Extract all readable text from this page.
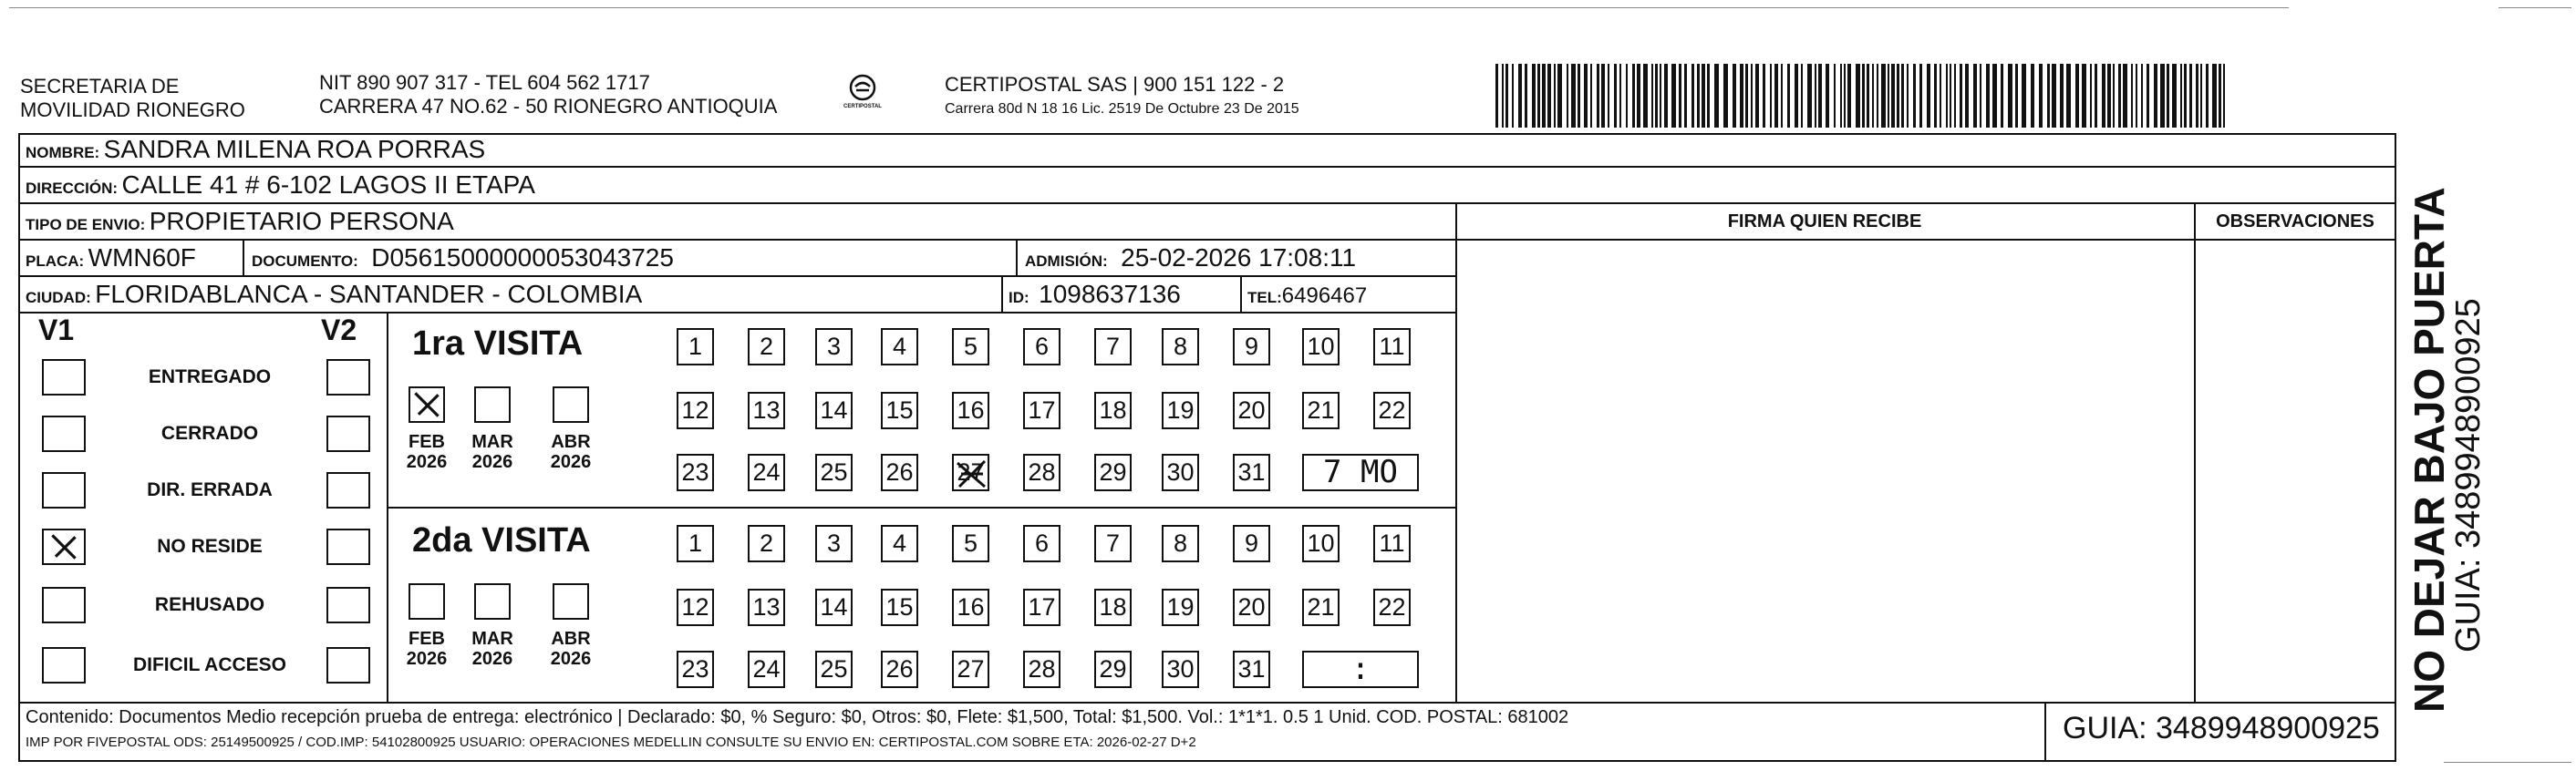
SECRETARIA DE
MOVILIDAD RIONEGRO
NIT 890 907 317 - TEL 604 562 1717
CARRERA 47 NO.62 - 50 RIONEGRO ANTIOQUIA	CERTIPOSTAL
CERTIPOSTAL SAS | 900 151 122 - 2
Carrera 80d N 18 16 Lic. 2519 De Octubre 23 De 2015
NOMBRE: SANDRA MILENA ROA PORRAS
DIRECCIÓN: CALLE 41 # 6-102 LAGOS II ETAPA
TIPO DE ENVIO: PROPIETARIO PERSONA	FIRMA QUIEN RECIBE	OBSERVACIONES
PLACA: WMN60F	DOCUMENTO: D05615000000053043725	ADMISIÓN: 25-02-2026 17:08:11
CIUDAD: FLORIDABLANCA - SANTANDER - COLOMBIA	ID: 1098637136	TEL:6496467
V1	V2
ENTREGADO
CERRADO
DIR. ERRADA
NO RESIDE
REHUSADO
DIFICIL ACCESO
1ra VISITA
FEB
2026
MAR
2026
ABR
2026
1	2	3	4	5	6	7	8	9	10 11
12 13 14 15 16 17 18 19 20 21 22
23 24 25 26 27 28 29 30 31	7 MO
2da VISITA
FEB
2026
MAR
2026
ABR
2026
1	2	3	4	5	6	7	8	9	10 11
12 13 14 15 16 17 18 19 20 21 22
23 24 25 26 27 28 29 30 31	:
Contenido: Documentos Medio recepción prueba de entrega: electrónico | Declarado: $0, % Seguro: $0, Otros: $0, Flete: $1,500, Total: $1,500. Vol.: 1*1*1. 0.5 1 Unid. COD. POSTAL: 681002
IMP POR FIVEPOSTAL ODS: 25149500925 / COD.IMP: 54102800925 USUARIO: OPERACIONES MEDELLIN CONSULTE SU ENVIO EN: CERTIPOSTAL.COM SOBRE ETA: 2026-02-27 D+2	GUIA: 3489948900925
NO DEJAR BAJO PUERTA
GUIA: 3489948900925
